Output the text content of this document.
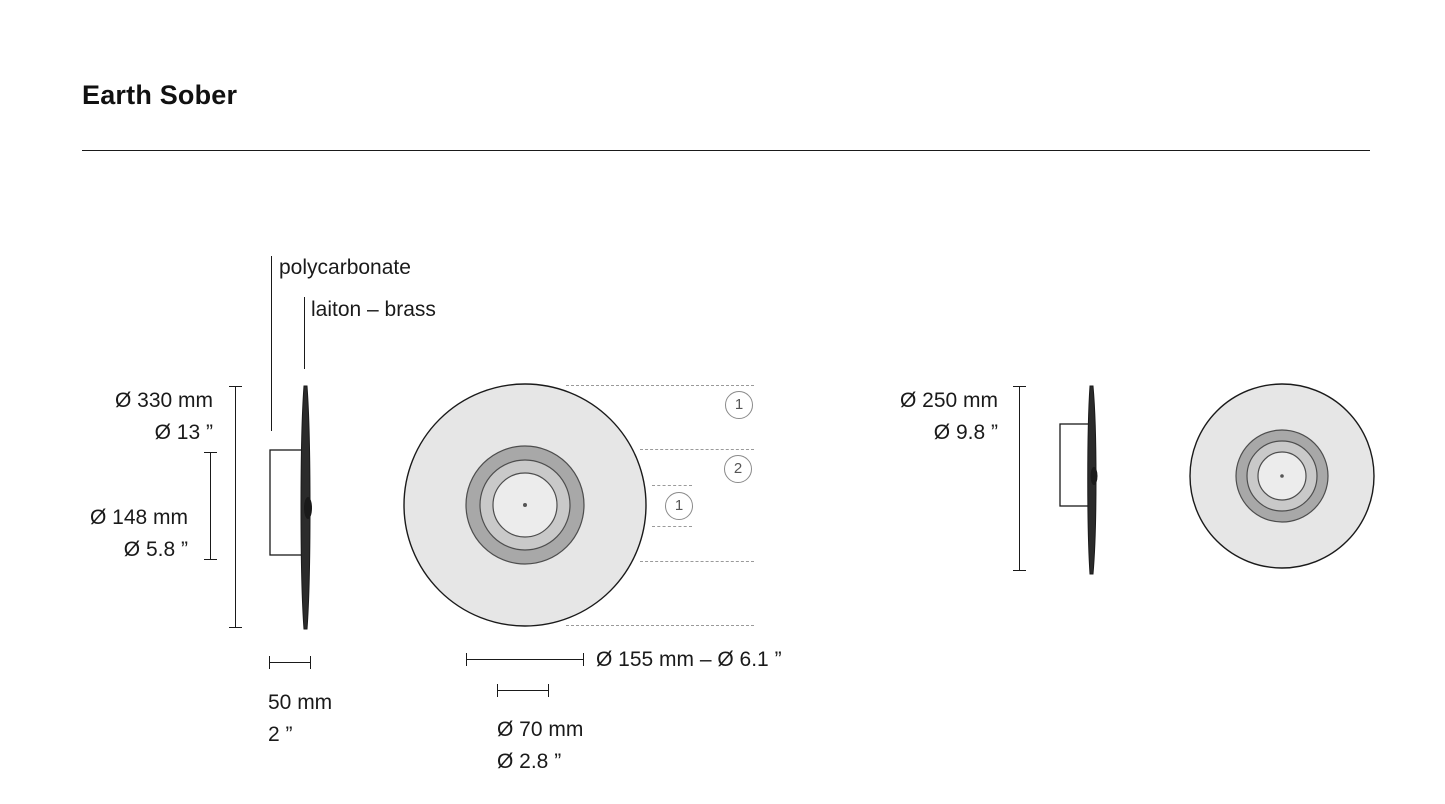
Earth Sober
polycarbonate
laiton – brass
Ø 330 mm
Ø 13 ”
Ø 148 mm
Ø 5.8 ”
50 mm
2 ”
1
2
1
Ø 155 mm – Ø 6.1 ”
Ø 70 mm
Ø 2.8 ”
Ø 250 mm
Ø 9.8 ”
